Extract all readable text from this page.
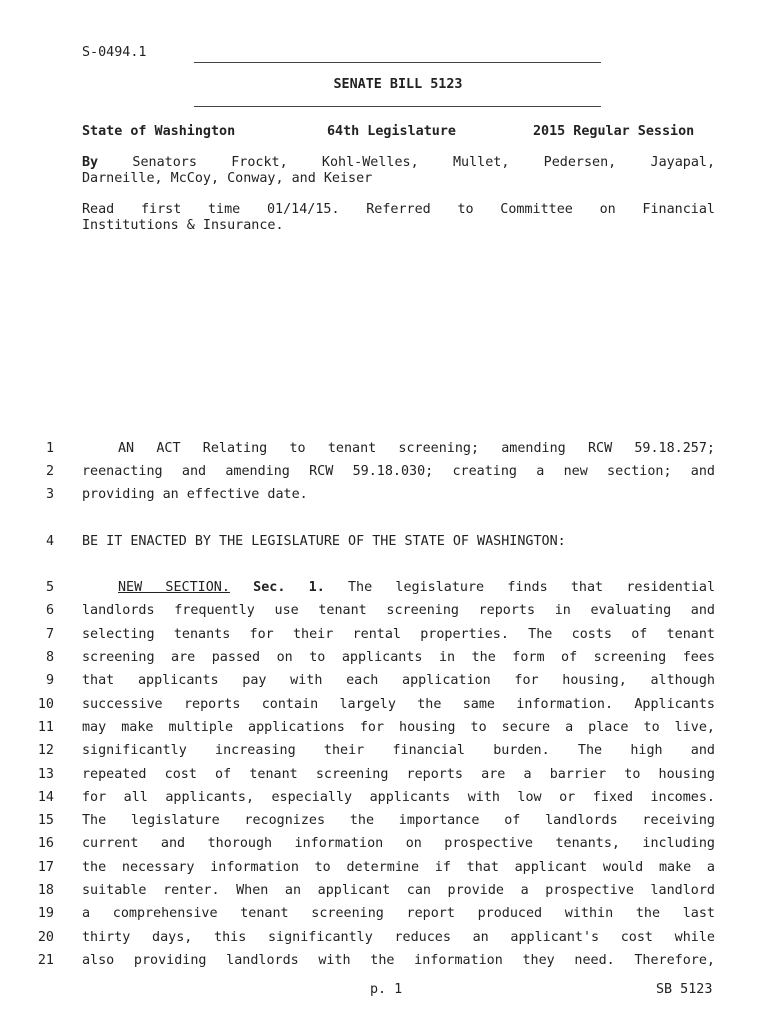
S-0494.1
SENATE BILL 5123
State of Washington	64th Legislature	2015 Regular Session
By	Senators Frockt, Kohl-Welles, Mullet, Pedersen, Jayapal,
Darneille, McCoy, Conway, and Keiser
Read first time 01/14/15. Referred to Committee on Financial
Institutions & Insurance.
1	AN ACT Relating to tenant screening; amending RCW 59.18.257;
2 reenacting and amending RCW 59.18.030; creating a new section; and
3 providing an effective date.
4 BE IT ENACTED BY THE LEGISLATURE OF THE STATE OF WASHINGTON:
5	NEW SECTION. Sec. 1. The legislature finds that residential
6 landlords frequently use tenant screening reports in evaluating and
7 selecting tenants for their rental properties. The costs of tenant
8 screening are passed on to applicants in the form of screening fees
9 that applicants pay with each application for housing, although
10 successive reports contain largely the same information. Applicants
11 may make multiple applications for housing to secure a place to live,
12 significantly increasing their financial burden. The high and
13 repeated cost of tenant screening reports are a barrier to housing
14 for all applicants, especially applicants with low or fixed incomes.
15 The legislature recognizes the importance of landlords receiving
16 current and thorough information on prospective tenants, including
17 the necessary information to determine if that applicant would make a
18 suitable renter. When an applicant can provide a prospective landlord
19 a comprehensive tenant screening report produced within the last
20 thirty days, this significantly reduces an applicant's cost while
21 also providing landlords with the information they need. Therefore,
p. 1	SB 5123
